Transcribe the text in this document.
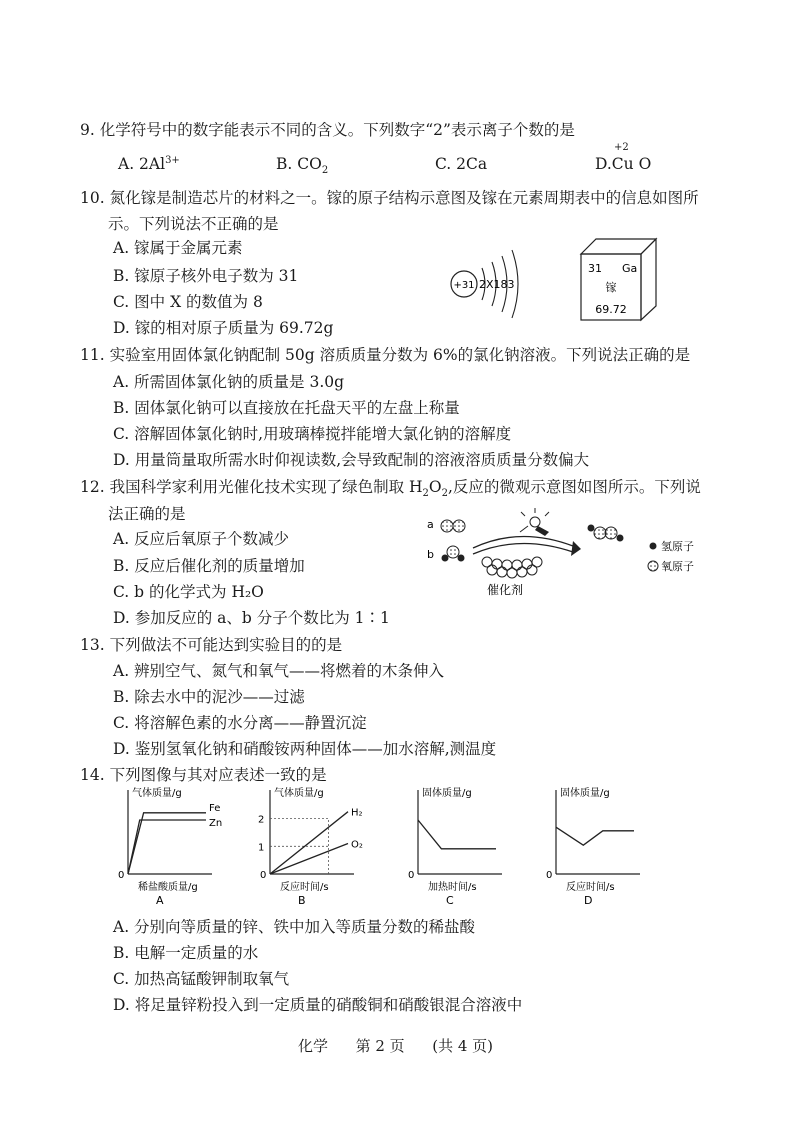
9. 化学符号中的数字能表示不同的含义。下列数字“2”表示离子个数的是
A. $2Al^{3+}$	B. $CO_2$	C. 2Ca	D.Cu O
+2
10. 氮化镓是制造芯片的材料之一。镓的原子结构示意图及镓在元素周期表中的信息如图所
示。下列说法不正确的是
A. 镓属于金属元素
B. 镓原子核外电子数为 31
C. 图中 X 的数值为 8
D. 镓的相对原子质量为 69.72g
+31 2X183
31 Ga
镓
69.72
11. 实验室用固体氯化钠配制 50g 溶质质量分数为 6%的氯化钠溶液。下列说法正确的是
A. 所需固体氯化钠的质量是 3.0g
B. 固体氯化钠可以直接放在托盘天平的左盘上称量
C. 溶解固体氯化钠时,用玻璃棒搅拌能增大氯化钠的溶解度
D. 用量筒量取所需水时仰视读数,会导致配制的溶液溶质质量分数偏大
12. 我国科学家利用光催化技术实现了绿色制取 $H_2O_2$,反应的微观示意图如图所示。下列说
法正确的是
A. 反应后氧原子个数减少
B. 反应后催化剂的质量增加
C. b 的化学式为 H₂O
D. 参加反应的 a、b 分子个数比为 1∶1
a
b
催化剂
氢原子
氧原子
13. 下列做法不可能达到实验目的的是
A. 辨别空气、氮气和氧气——将燃着的木条伸入
B. 除去水中的泥沙——过滤
C. 将溶解色素的水分离——静置沉淀
D. 鉴别氢氧化钠和硝酸铵两种固体——加水溶解,测温度
14. 下列图像与其对应表述一致的是
气体质量/g
稀盐酸质量/g
0
A
Fe
Zn
气体质量/g
反应时间/s
0
B
1
2
H₂
O₂
固体质量/g
加热时间/s
0
C
固体质量/g
反应时间/s
0
D
A. 分别向等质量的锌、铁中加入等质量分数的稀盐酸
B. 电解一定质量的水
C. 加热高锰酸钾制取氧气
D. 将足量锌粉投入到一定质量的硝酸铜和硝酸银混合溶液中
化学 第 2 页 (共 4 页)
